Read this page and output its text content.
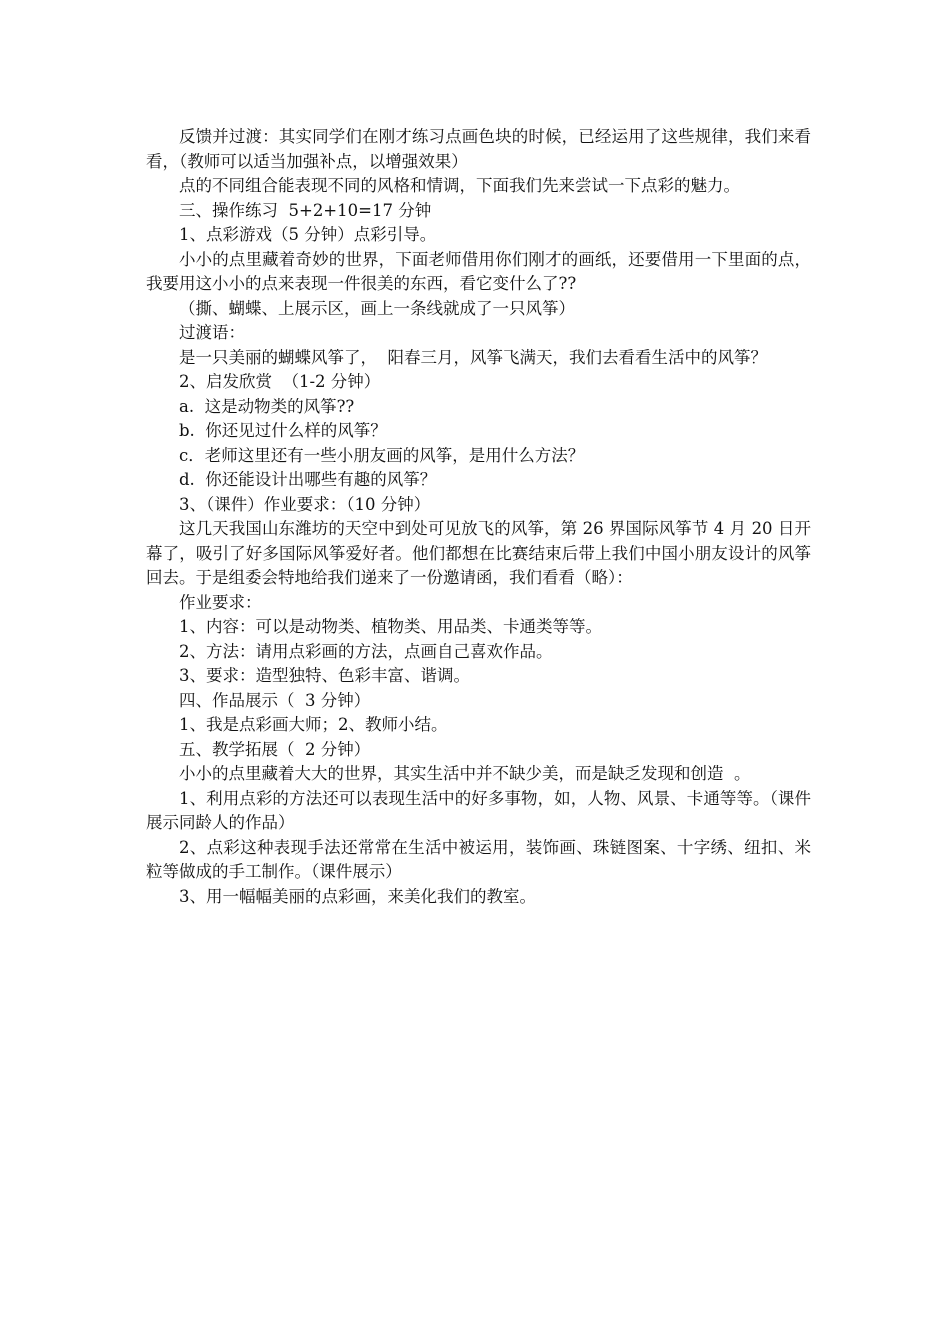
反馈并过渡：其实同学们在刚才练习点画色块的时候，已经运用了这些规律，我们来看看，（教师可以适当加强补点，以增强效果）

点的不同组合能表现不同的风格和情调，下面我们先来尝试一下点彩的魅力。

三、操作练习  5+2+10=17 分钟

1、点彩游戏（5 分钟）点彩引导。

小小的点里藏着奇妙的世界，下面老师借用你们刚才的画纸，还要借用一下里面的点，我要用这小小的点来表现一件很美的东西，看它变什么了??

（撕、蝴蝶、上展示区，画上一条线就成了一只风筝）

过渡语：

是一只美丽的蝴蝶风筝了，  阳春三月，风筝飞满天，我们去看看生活中的风筝？

2、启发欣赏  （1-2 分钟）

a.  这是动物类的风筝??

b.  你还见过什么样的风筝？

c．老师这里还有一些小朋友画的风筝，是用什么方法？

d.  你还能设计出哪些有趣的风筝？

3、（课件）作业要求：（10 分钟）

这几天我国山东潍坊的天空中到处可见放飞的风筝，第 26 界国际风筝节 4 月 20 日开幕了，吸引了好多国际风筝爱好者。他们都想在比赛结束后带上我们中国小朋友设计的风筝回去。于是组委会特地给我们递来了一份邀请函，我们看看（略）：

作业要求：

1、内容：可以是动物类、植物类、用品类、卡通类等等。

2、方法：请用点彩画的方法，点画自己喜欢作品。

3、要求：造型独特、色彩丰富、谐调。

四、作品展示（  3 分钟）

1、我是点彩画大师；2、教师小结。

五、教学拓展（  2 分钟）

小小的点里藏着大大的世界，其实生活中并不缺少美，而是缺乏发现和创造  。

1、利用点彩的方法还可以表现生活中的好多事物，如，人物、风景、卡通等等。（课件展示同龄人的作品）

2、点彩这种表现手法还常常在生活中被运用，装饰画、珠链图案、十字绣、纽扣、米粒等做成的手工制作。（课件展示）

3、用一幅幅美丽的点彩画，来美化我们的教室。
